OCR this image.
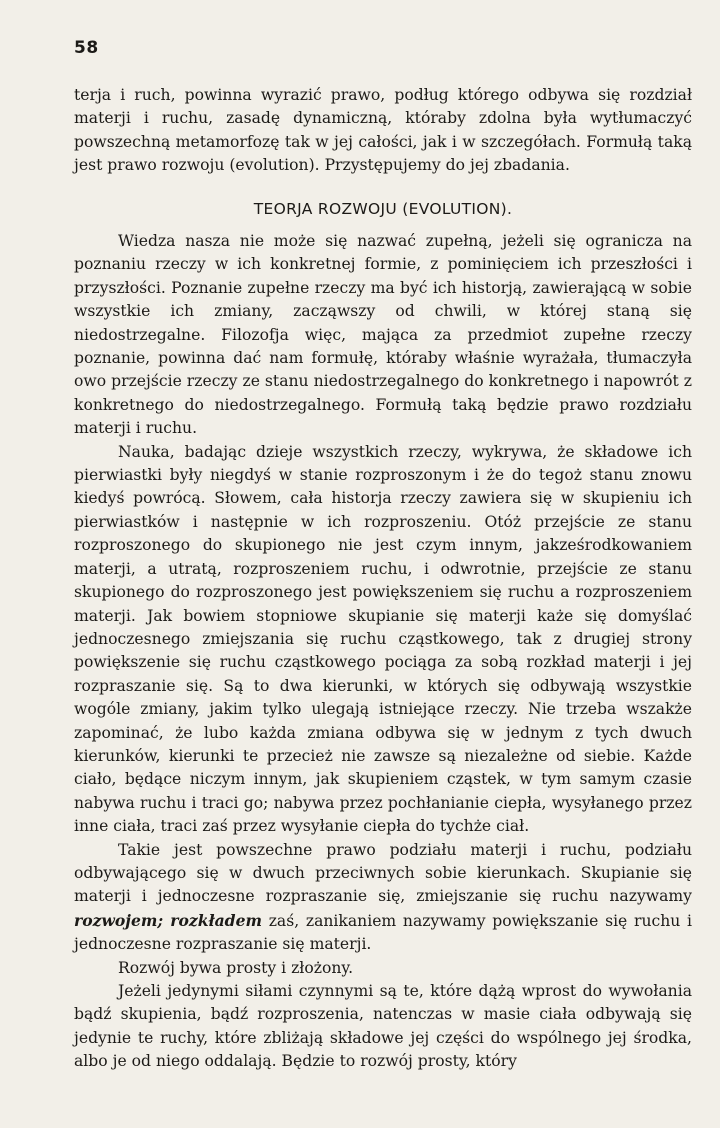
58

terja i ruch, powinna wyrazić prawo, podług którego odbywa się rozdział materji i ruchu, zasadę dynamiczną, któraby zdolna była wytłumaczyć powszechną metamorfozę tak w jej całości, jak i w szczegółach. Formułą taką jest prawo rozwoju (evolution). Przystępujemy do jej zbadania.

TEORJA ROZWOJU (EVOLUTION).

Wiedza nasza nie może się nazwać zupełną, jeżeli się ogranicza na poznaniu rzeczy w ich konkretnej formie, z pominięciem ich przeszłości i przyszłości. Poznanie zupełne rzeczy ma być ich historją, zawierającą w sobie wszystkie ich zmiany, zacząwszy od chwili, w której staną się niedostrzegalne. Filozofja więc, mająca za przedmiot zupełne rzeczy poznanie, powinna dać nam formułę, któraby właśnie wyrażała, tłumaczyła owo przejście rzeczy ze stanu niedostrzegalnego do konkretnego i napowrót z konkretnego do niedostrzegalnego. Formułą taką będzie prawo rozdziału materji i ruchu.

Nauka, badając dzieje wszystkich rzeczy, wykrywa, że składowe ich pierwiastki były niegdyś w stanie rozproszonym i że do tegoż stanu znowu kiedyś powrócą. Słowem, cała historja rzeczy zawiera się w skupieniu ich pierwiastków i następnie w ich rozproszeniu. Otóż przejście ze stanu rozproszonego do skupionego nie jest czym innym, jakześrodkowaniem materji, a utratą, rozproszeniem ruchu, i odwrotnie, przejście ze stanu skupionego do rozproszonego jest powiększeniem się ruchu a rozproszeniem materji. Jak bowiem stopniowe skupianie się materji każe się domyślać jednoczesnego zmiejszania się ruchu cząstkowego, tak z drugiej strony powiększenie się ruchu cząstkowego pociąga za sobą rozkład materji i jej rozpraszanie się. Są to dwa kierunki, w których się odbywają wszystkie wogóle zmiany, jakim tylko ulegają istniejące rzeczy. Nie trzeba wszakże zapominać, że lubo każda zmiana odbywa się w jednym z tych dwuch kierunków, kierunki te przecież nie zawsze są niezależne od siebie. Każde ciało, będące niczym innym, jak skupieniem cząstek, w tym samym czasie nabywa ruchu i traci go; nabywa przez pochłanianie ciepła, wysyłanego przez inne ciała, traci zaś przez wysyłanie ciepła do tychże ciał.

Takie jest powszechne prawo podziału materji i ruchu, podziału odbywającego się w dwuch przeciwnych sobie kierunkach. Skupianie się materji i jednoczesne rozpraszanie się, zmiejszanie się ruchu nazywamy rozwojem; rozkładem zaś, zanikaniem nazywamy powiększanie się ruchu i jednoczesne rozpraszanie się materji.

Rozwój bywa prosty i złożony.

Jeżeli jedynymi siłami czynnymi są te, które dążą wprost do wywołania bądź skupienia, bądź rozproszenia, natenczas w masie ciała odbywają się jedynie te ruchy, które zbliżają składowe jej części do wspólnego jej środka, albo je od niego oddalają. Będzie to rozwój prosty, który
